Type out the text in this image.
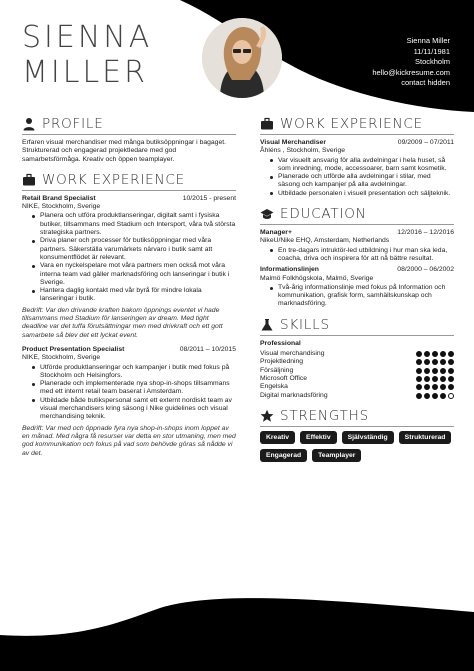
SIENNA
MILLER
Sienna Miller
11/11/1981
Stockholm
hello@kickresume.com
contact hidden
PROFILE
Erfaren visual merchandiser med många butiksöppningar i bagaget. Strukturerad och engagerad projektledare med god samarbetsförmåga. Kreativ och öppen teamplayer.
WORK EXPERIENCE
Retail Brand Specialist	10/2015 - present
NIKE, Stockholm, Sverige
Planera och utföra produktlanseringar, digitalt samt i fysiska butiker, tillsammans med Stadium och Intersport, våra två största strategiska partners.
Driva planer och processer för butiksöppningar med våra partners. Säkerställa varumärkets närvaro i butik samt att konsumentflödet är relevant.
Vara en nyckelspelare mot våra partners men också mot våra interna team vad gäller marknadsföring och lanseringar i butik i Sverige.
Hantera daglig kontakt med vår byrå för mindre lokala lanseringar i butik.
Bedrift: Var den drivande kraften bakom öppnings eventet vi hade tillsammans med Stadium för lanseringen av dream. Med tight deadline var det tuffa förutsättningar men med drivkraft och ett gott samarbete så blev det ett lyckat event.
Product Presentation Specialist	08/2011 – 10/2015
NIKE, Stockholm, Sverige
Utförde produktlanseringar och kampanjer i butik med fokus på Stockholm och Helsingfors.
Planerade och implementerade nya shop-in-shops tillsammans med ett internt retail team baserat i Amsterdam.
Utbildade både butikspersonal samt ett externt nordiskt team av visual merchandisers kring säsong i Nike guidelines och visual merchandising teknik.
Bedrift: Var med och öppnade fyra nya shop-in-shops inom loppet av en månad. Med några få resurser var detta en stor utmaning, men med god kommunikation och fokus på vad som behövde göras så nådde vi av det.
WORK EXPERIENCE
Visual Merchandiser	09/2009 – 07/2011
Åhléns , Stockholm, Sverige
Var visuellt ansvarig för alla avdelningar i hela huset, så som inredning, mode, accessoarer, barn samt kosmetik.
Planerade och utförde alla avdelningar i stilar, med säsong och kampanjer på alla avdelningar.
Utbildade personalen i visuell presentation och säljteknik.
EDUCATION
Manager+	12/2016 – 12/2016
NikeU/Nike EHQ, Amsterdam, Netherlands
En tre-dagars intruktör-led utbildning i hur man ska leda, coacha, driva och inspirera för att nå bättre resultat.
Informationslinjen	08/2000 – 06/2002
Malmö Folkhögskola, Malmö, Sverige
Två-årig informationslinje med fokus på Information och kommunikation, grafisk form, samhällskunskap och marknadsföring.
SKILLS
Professional
Visual merchandising
Projektledning
Försäljning
Microsoft Office
Engelska
Digital marknadsföring
STRENGTHS
Kreativ	Effektiv	Självständig	Strukturerad
Engagerad	Teamplayer
